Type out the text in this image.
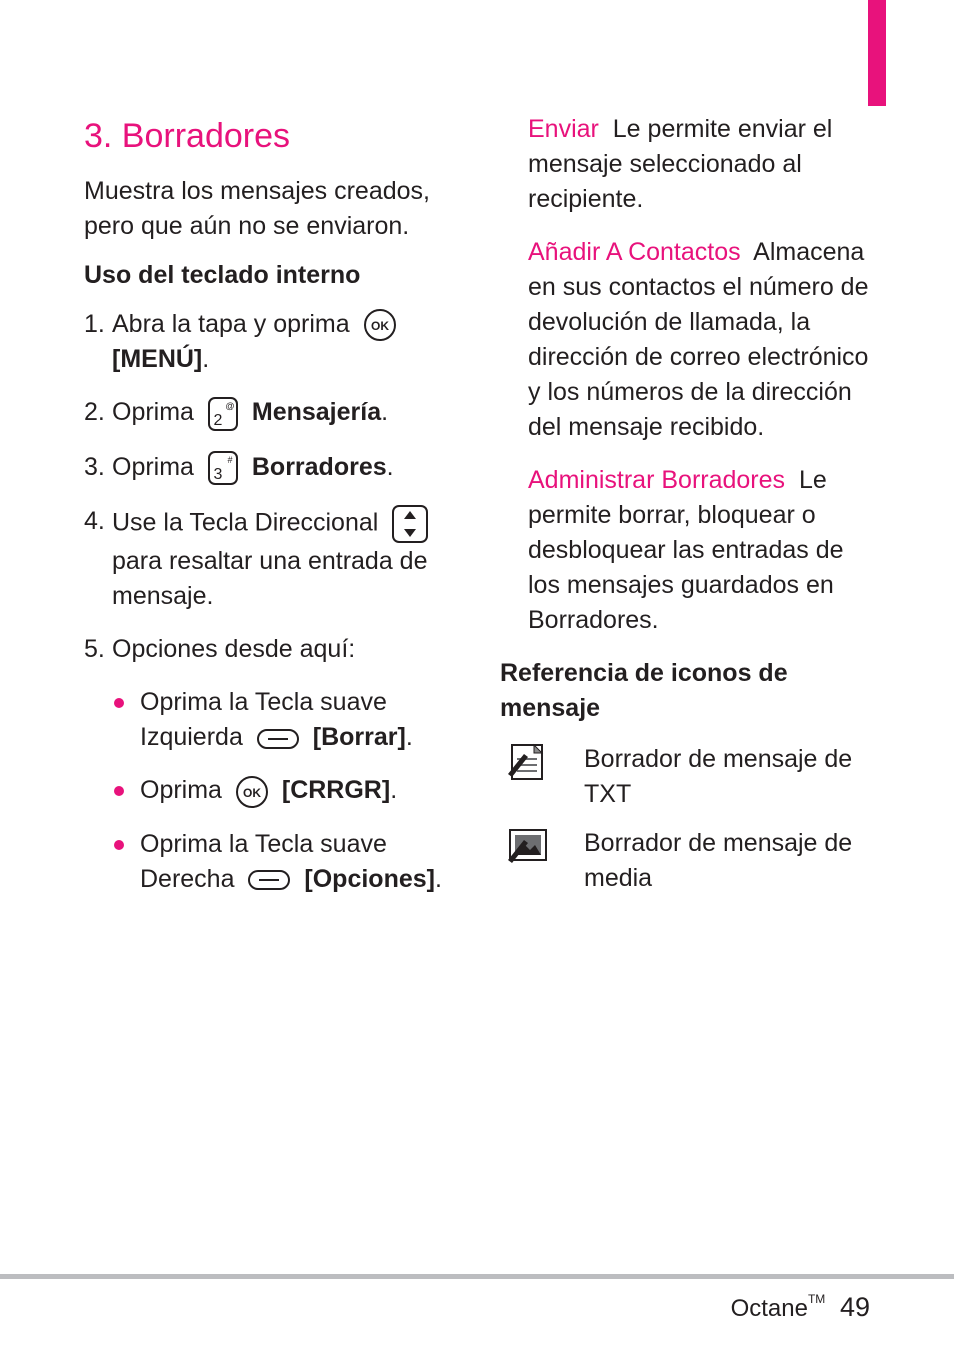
3. Borradores

Muestra los mensajes creados, pero que aún no se enviaron.

Uso del teclado interno

1. Abra la tapa y oprima OK

[MENÚ].
2. Oprima 2
@ Mensajería.
3. Oprima 3
# Borradores.
4. Use la Tecla Direccional
para resaltar una entrada de mensaje.
5. Opciones desde aquí:
Oprima la Tecla suave Izquierda	[Borrar].
Oprima OK [CRRGR].
Oprima la Tecla suave Derecha	[Opciones].

Enviar Le permite enviar el mensaje seleccionado al recipiente.

Añadir A Contactos Almacena en sus contactos el número de devolución de llamada, la dirección de correo electrónico y los números de la dirección del mensaje recibido.

Administrar Borradores Le permite borrar, bloquear o desbloquear las entradas de los mensajes guardados en Borradores.

Referencia de iconos de mensaje

Borrador de mensaje de TXT
Borrador de mensaje de media
Octane™ 49
